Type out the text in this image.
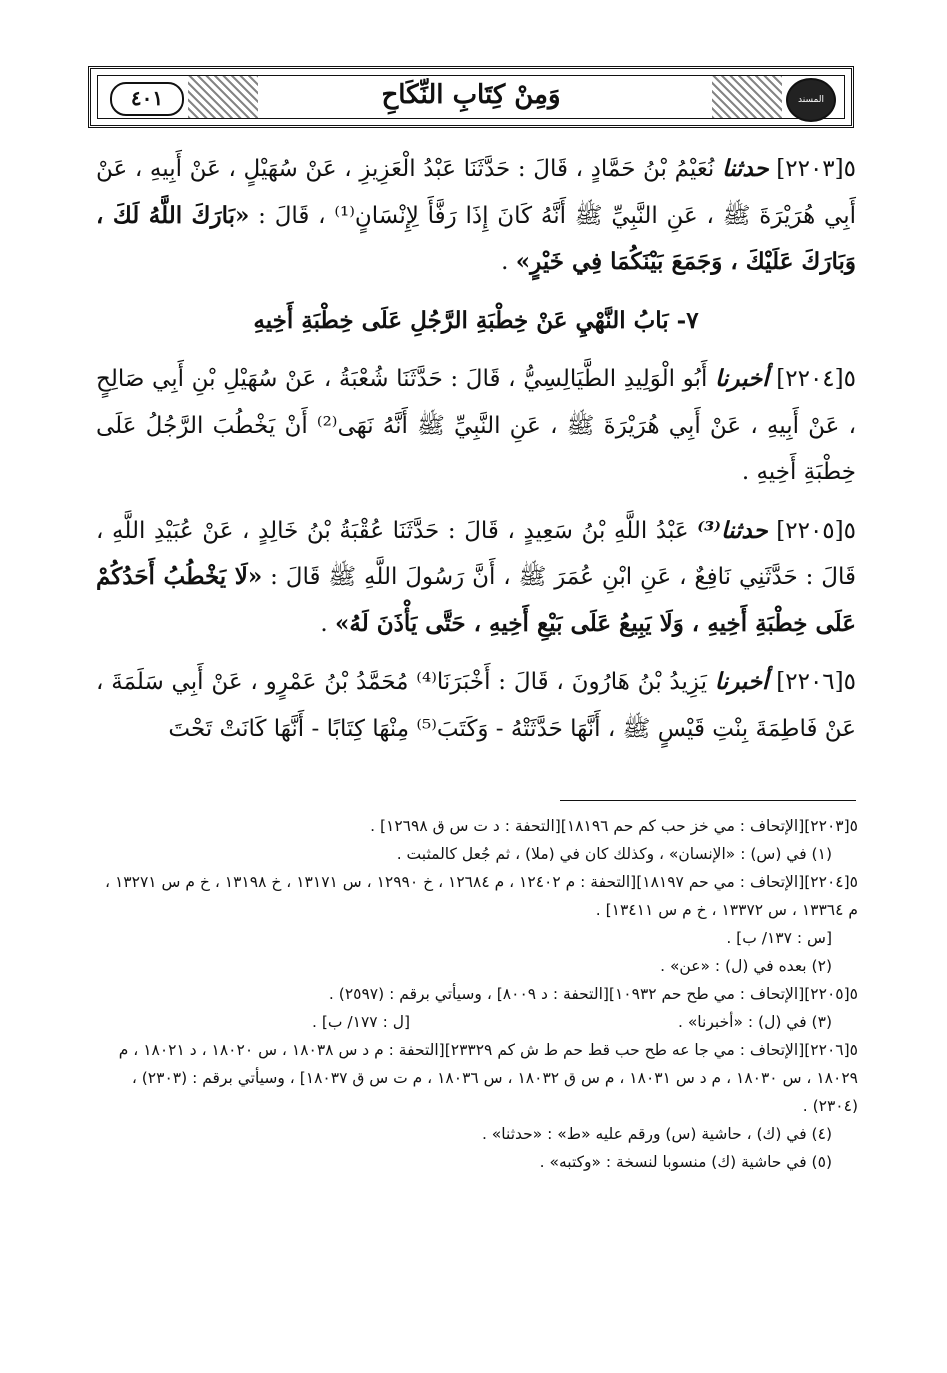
المسند
وَمِنْ كِتَابِ النِّكَاحِ
٤٠١

٥[٢٢٠٣] حدثنا نُعَيْمُ بْنُ حَمَّادٍ ، قَالَ : حَدَّثَنَا عَبْدُ الْعَزِيزِ ، عَنْ سُهَيْلٍ ، عَنْ أَبِيهِ ، عَنْ أَبِي هُرَيْرَةَ ﷺ ، عَنِ النَّبِيِّ ﷺ أَنَّهُ كَانَ إِذَا رَفَّأَ لِإِنْسَانٍ⁽¹⁾ ، قَالَ : «بَارَكَ اللَّهُ لَكَ ، وَبَارَكَ عَلَيْكَ ، وَجَمَعَ بَيْنَكُمَا فِي خَيْرٍ» .

٧- بَابُ النَّهْيِ عَنْ خِطْبَةِ الرَّجُلِ عَلَى خِطْبَةِ أَخِيهِ

٥[٢٢٠٤] أخبرنا أَبُو الْوَلِيدِ الطَّيَالِسِيُّ ، قَالَ : حَدَّثَنَا شُعْبَةُ ، عَنْ سُهَيْلِ بْنِ أَبِي صَالِحٍ ، عَنْ أَبِيهِ ، عَنْ أَبِي هُرَيْرَةَ ﷺ ، عَنِ النَّبِيِّ ﷺ أَنَّهُ نَهَى⁽²⁾ أَنْ يَخْطُبَ الرَّجُلُ عَلَى خِطْبَةِ أَخِيهِ .

٥[٢٢٠٥] حدثنا⁽³⁾ عَبْدُ اللَّهِ بْنُ سَعِيدٍ ، قَالَ : حَدَّثَنَا عُقْبَةُ بْنُ خَالِدٍ ، عَنْ عُبَيْدِ اللَّهِ ، قَالَ : حَدَّثَنِي نَافِعٌ ، عَنِ ابْنِ عُمَرَ ﷺ ، أَنَّ رَسُولَ اللَّهِ ﷺ قَالَ : «لَا يَخْطُبُ أَحَدُكُمْ عَلَى خِطْبَةِ أَخِيهِ ، وَلَا يَبِيعُ عَلَى بَيْعِ أَخِيهِ ، حَتَّى يَأْذَنَ لَهُ» .

٥[٢٢٠٦] أخبرنا يَزِيدُ بْنُ هَارُونَ ، قَالَ : أَخْبَرَنَا⁽⁴⁾ مُحَمَّدُ بْنُ عَمْرٍو ، عَنْ أَبِي سَلَمَةَ ، عَنْ فَاطِمَةَ بِنْتِ قَيْسٍ ﷺ ، أَنَّهَا حَدَّثَتْهُ - وَكَتَبَ⁽⁵⁾ مِنْهَا كِتَابًا - أَنَّهَا كَانَتْ تَحْتَ

٥[٢٢٠٣][الإتحاف : مي خز حب كم حم ١٨١٩٦][التحفة : د ت س ق ١٢٦٩٨] .

(١) في (س) : «الإنسان» ، وكذلك كان في (ملا) ، ثم جُعل كالمثبت .

٥[٢٢٠٤][الإتحاف : مي حم ١٨١٩٧][التحفة : م ١٢٤٠٢ ، م ١٢٦٨٤ ، خ ١٢٩٩٠ ، س ١٣١٧١ ، خ ١٣١٩٨ ، خ م س ١٣٢٧١ ، م ١٣٣٦٤ ، س ١٣٣٧٢ ، خ م س ١٣٤١١] .

[س : ١٣٧/ ب] .

(٢) بعده في (ل) : «عن» .

٥[٢٢٠٥][الإتحاف : مي طح حم ١٠٩٣٢][التحفة : د ٨٠٠٩] ، وسيأتي برقم : (٢٥٩٧) .

(٣) في (ل) : «أخبرنا» .
[ل : ١٧٧/ ب] .

٥[٢٢٠٦][الإتحاف : مي جا عه طح حب قط حم ط ش كم ٢٣٣٢٩][التحفة : م د س ١٨٠٣٨ ، س ١٨٠٢٠ ، د ١٨٠٢١ ، م ١٨٠٢٩ ، س ١٨٠٣٠ ، م د س ١٨٠٣١ ، م س ق ١٨٠٣٢ ، س ١٨٠٣٦ ، م ت س ق ١٨٠٣٧] ، وسيأتي برقم : (٢٣٠٣) ، (٢٣٠٤) .

(٤) في (ك) ، حاشية (س) ورقم عليه «ط» : «حدثنا» .

(٥) في حاشية (ك) منسوبا لنسخة : «وكتبه» .
